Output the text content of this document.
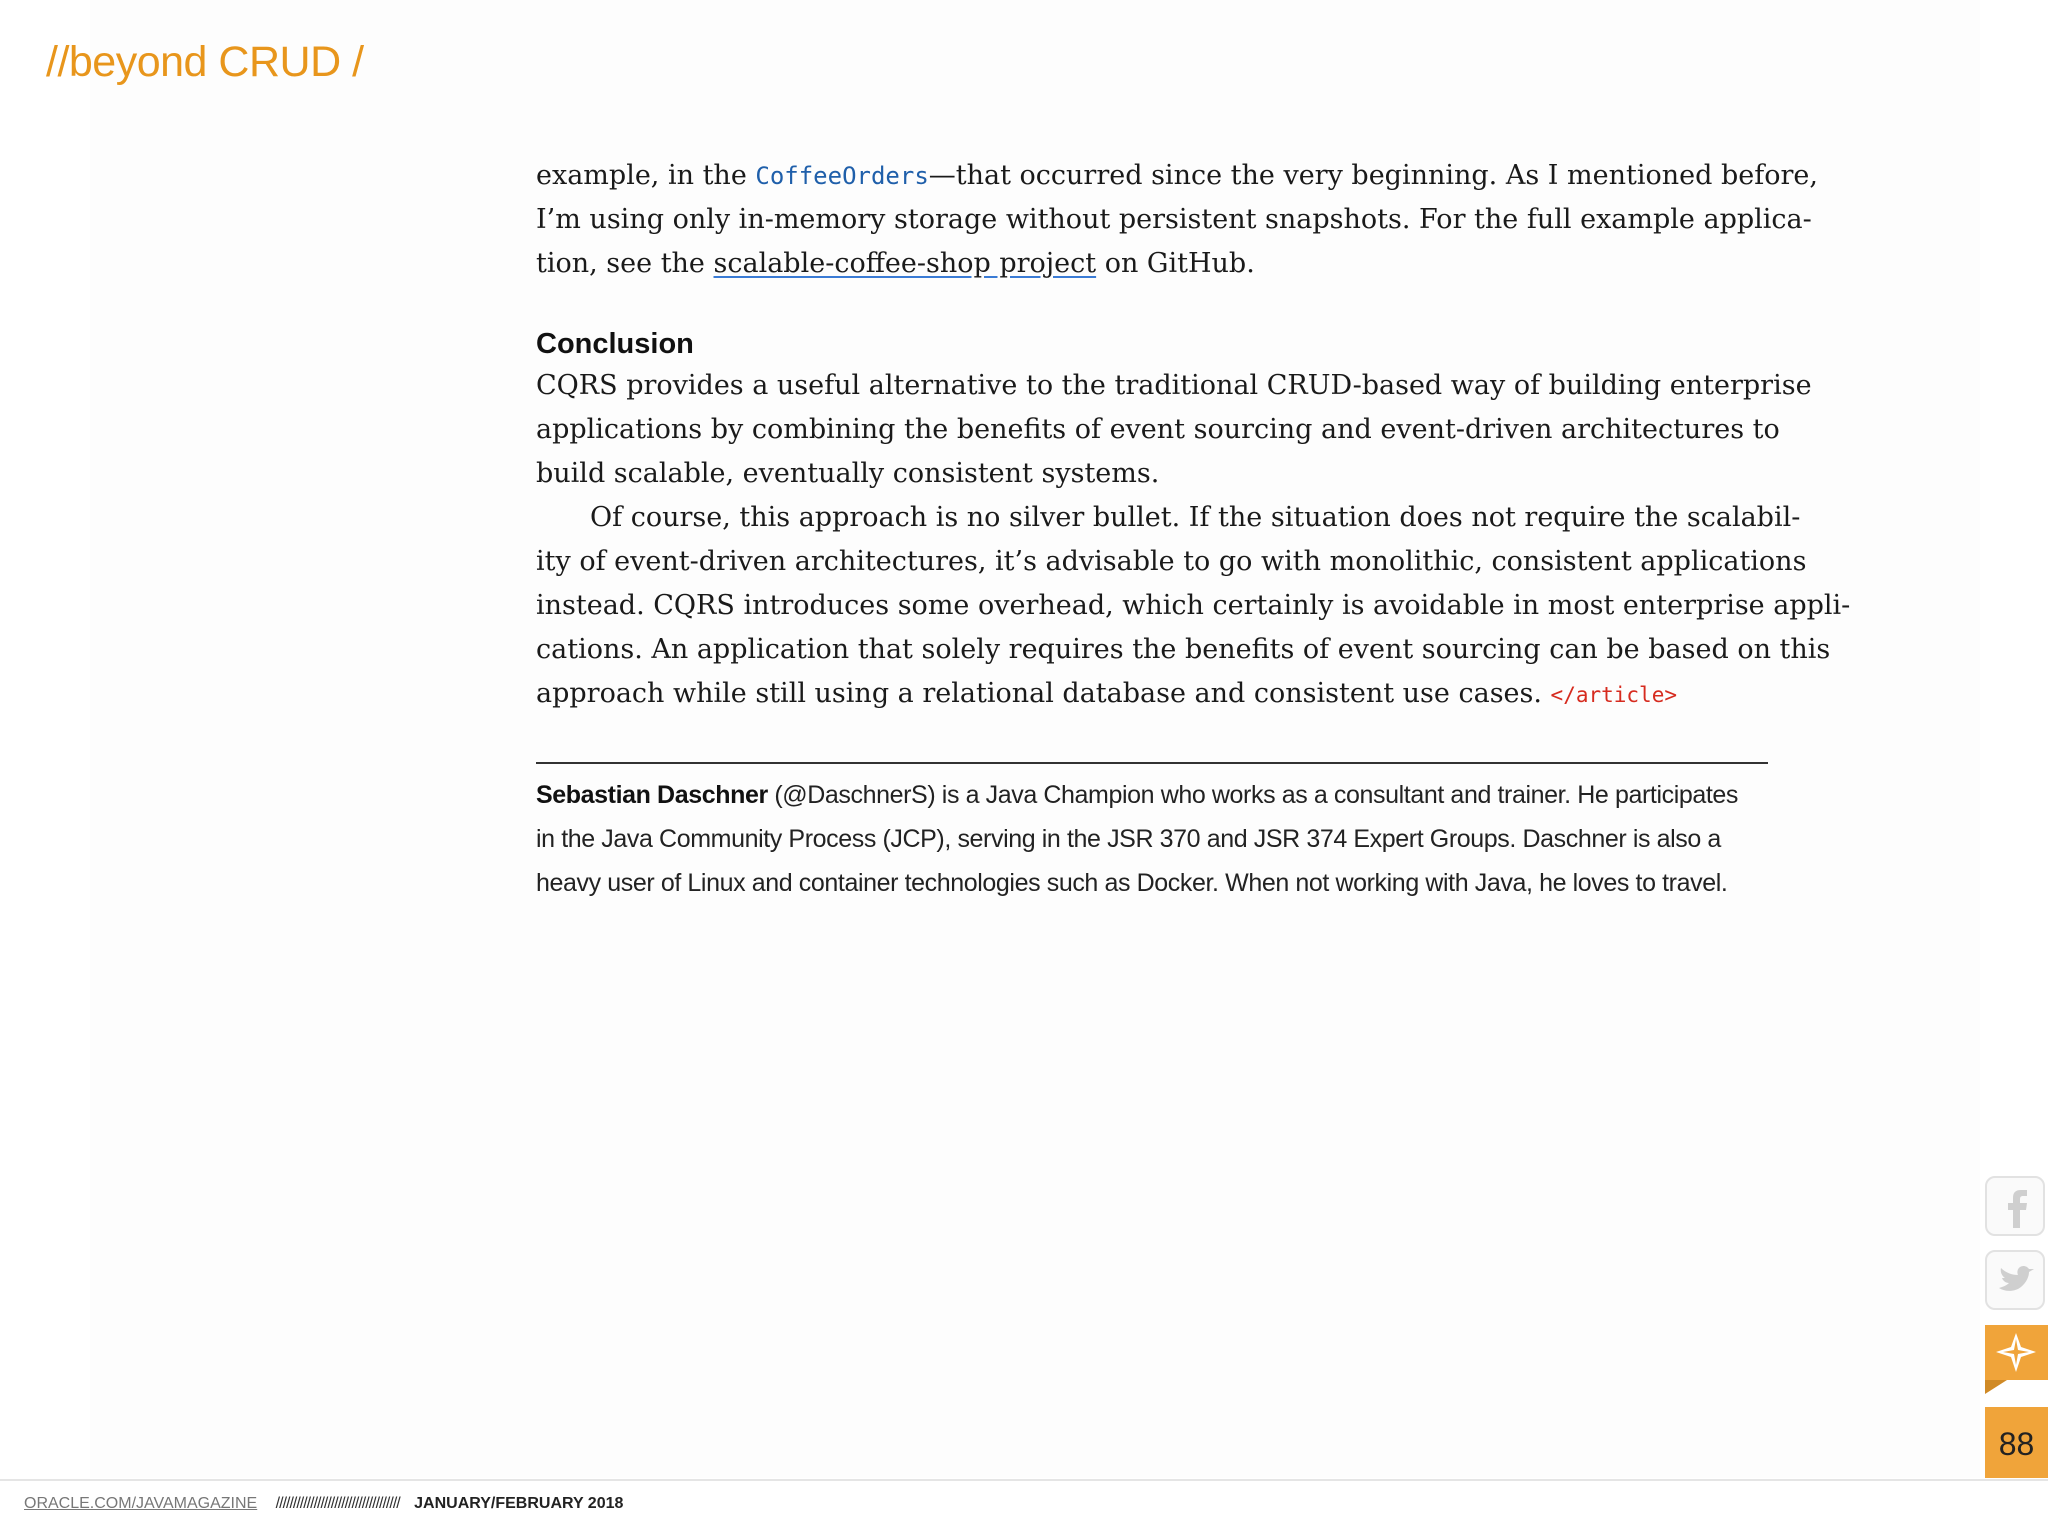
//beyond CRUD /

example, in the CoffeeOrders—that occurred since the very beginning. As I mentioned before,
I’m using only in-memory storage without persistent snapshots. For the full example applica-
tion, see the scalable-coffee-shop project on GitHub.

Conclusion

CQRS provides a useful alternative to the traditional CRUD-based way of building enterprise
applications by combining the benefits of event sourcing and event-driven architectures to
build scalable, eventually consistent systems.

Of course, this approach is no silver bullet. If the situation does not require the scalabil-
ity of event-driven architectures, it’s advisable to go with monolithic, consistent applications
instead. CQRS introduces some overhead, which certainly is avoidable in most enterprise appli-
cations. An application that solely requires the benefits of event sourcing can be based on this
approach while still using a relational database and consistent use cases. </article>

Sebastian Daschner (@DaschnerS) is a Java Champion who works as a consultant and trainer. He participates
in the Java Community Process (JCP), serving in the JSR 370 and JSR 374 Expert Groups. Daschner is also a
heavy user of Linux and container technologies such as Docker. When not working with Java, he loves to travel.
88
ORACLE.COM/JAVAMAGAZINE //////////////////////////////////// JANUARY/FEBRUARY 2018
